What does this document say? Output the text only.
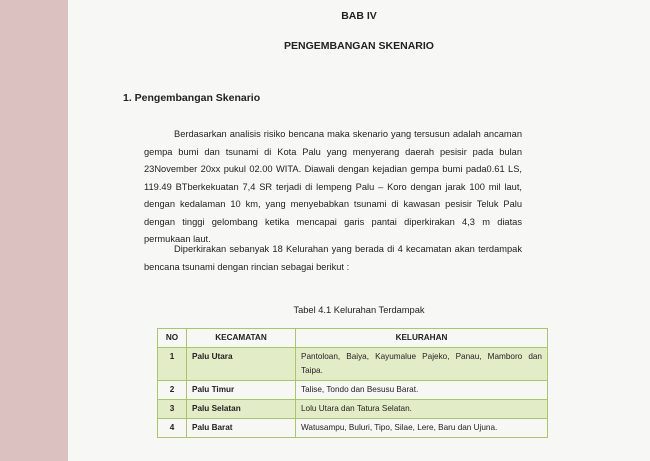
BAB IV
PENGEMBANGAN SKENARIO
1. Pengembangan Skenario

Berdasarkan analisis risiko bencana maka skenario yang tersusun adalah ancaman gempa bumi dan tsunami di Kota Palu yang menyerang daerah pesisir pada bulan 23November 20xx pukul 02.00 WITA. Diawali dengan kejadian gempa bumi pada0.61 LS, 119.49 BTberkekuatan 7,4 SR terjadi di lempeng Palu – Koro dengan jarak 100 mil laut, dengan kedalaman 10 km, yang menyebabkan tsunami di kawasan pesisir Teluk Palu dengan tinggi gelombang ketika mencapai garis pantai diperkirakan 4,3 m diatas permukaan laut.

Diperkirakan sebanyak 18 Kelurahan yang berada di 4 kecamatan akan terdampak bencana tsunami dengan rincian sebagai berikut :

Tabel 4.1 Kelurahan Terdampak
NO	KECAMATAN	KELURAHAN
1	Palu Utara	Pantoloan, Baiya, Kayumalue Pajeko, Panau, Mamboro dan Taipa.
2	Palu Timur	Talise, Tondo dan Besusu Barat.
3	Palu Selatan	Lolu Utara dan Tatura Selatan.
4	Palu Barat	Watusampu, Buluri, Tipo, Silae, Lere, Baru dan Ujuna.
